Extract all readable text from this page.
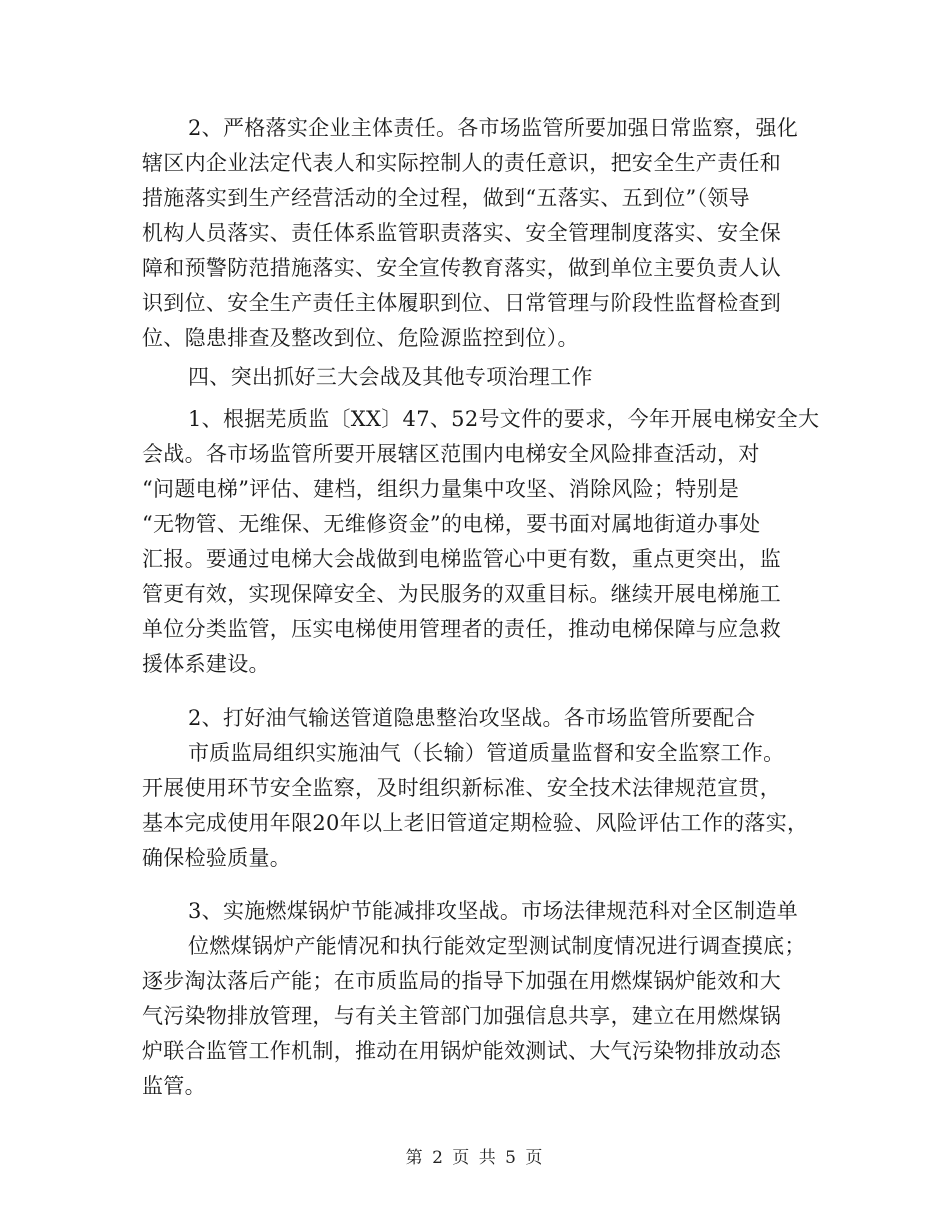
2、严格落实企业主体责任。各市场监管所要加强日常监察，强化
辖区内企业法定代表人和实际控制人的责任意识，把安全生产责任和
措施落实到生产经营活动的全过程，做到“五落实、五到位”（领导
机构人员落实、责任体系监管职责落实、安全管理制度落实、安全保
障和预警防范措施落实、安全宣传教育落实，做到单位主要负责人认
识到位、安全生产责任主体履职到位、日常管理与阶段性监督检查到
位、隐患排查及整改到位、危险源监控到位）。
四、突出抓好三大会战及其他专项治理工作
1、根据芜质监〔XX〕47、52号文件的要求，今年开展电梯安全大
会战。各市场监管所要开展辖区范围内电梯安全风险排查活动，对
“问题电梯”评估、建档，组织力量集中攻坚、消除风险；特别是
“无物管、无维保、无维修资金”的电梯，要书面对属地街道办事处
汇报。要通过电梯大会战做到电梯监管心中更有数，重点更突出，监
管更有效，实现保障安全、为民服务的双重目标。继续开展电梯施工
单位分类监管，压实电梯使用管理者的责任，推动电梯保障与应急救
援体系建设。
2、打好油气输送管道隐患整治攻坚战。各市场监管所要配合
市质监局组织实施油气（长输）管道质量监督和安全监察工作。
开展使用环节安全监察，及时组织新标准、安全技术法律规范宣贯，
基本完成使用年限20年以上老旧管道定期检验、风险评估工作的落实，
确保检验质量。
3、实施燃煤锅炉节能减排攻坚战。市场法律规范科对全区制造单
位燃煤锅炉产能情况和执行能效定型测试制度情况进行调查摸底；
逐步淘汰落后产能；在市质监局的指导下加强在用燃煤锅炉能效和大
气污染物排放管理，与有关主管部门加强信息共享，建立在用燃煤锅
炉联合监管工作机制，推动在用锅炉能效测试、大气污染物排放动态
监管。
第 2 页 共 5 页
